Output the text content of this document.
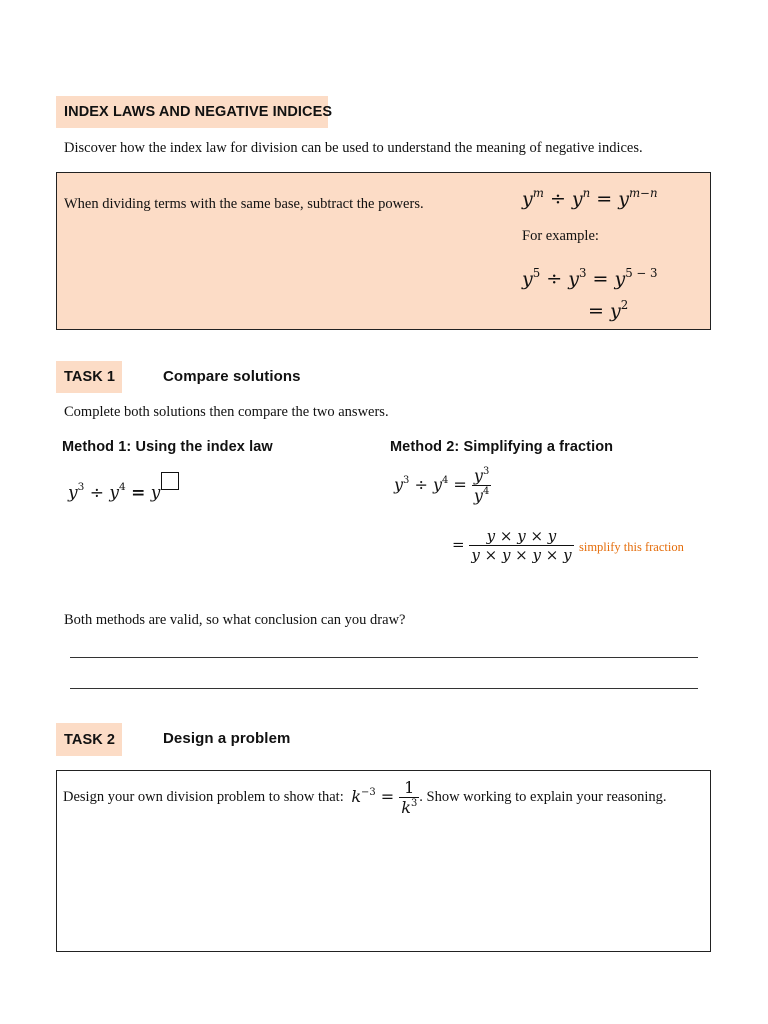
INDEX LAWS AND NEGATIVE INDICES
Discover how the index law for division can be used to understand the meaning of negative indices.
When dividing terms with the same base, subtract the powers.	$y^m \div y^n = y^{m-n}$
For example:
$y^5 \div y^3 = y^{5 - 3}$
= $y^2$
TASK 1	Compare solutions
Complete both solutions then compare the two answers.
Method 1: Using the index law	Method 2: Simplifying a fraction
$y^3 \div y^4 = y$	$y^3 \div y^4 = \frac{y^3}{y^4}$
= $\frac{y \times y \times y}{y \times y \times y \times y}$ simplify this fraction
Both methods are valid, so what conclusion can you draw?
TASK 2	Design a problem
Design your own division problem to show that: $k^{-3} = \frac{1}{k^3}$ . Show working to explain your reasoning.
